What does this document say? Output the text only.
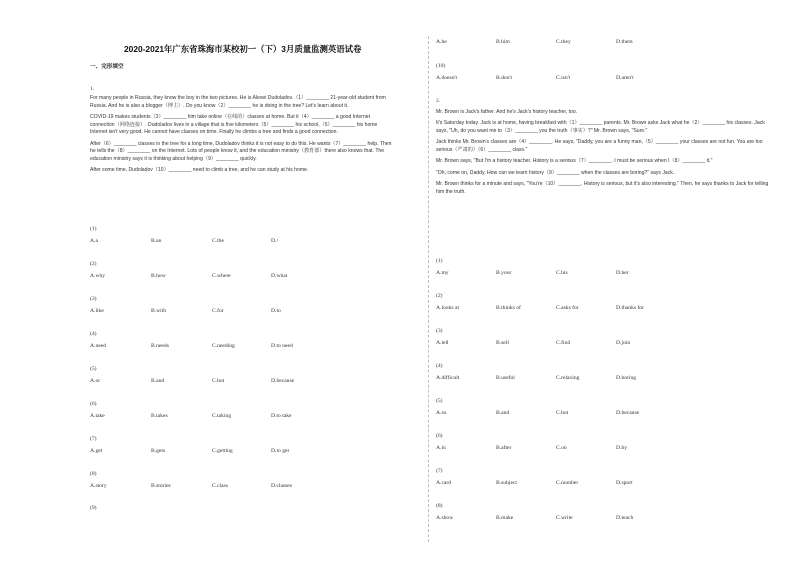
2020-2021年广东省珠海市某校初一（下）3月质量监测英语试卷
一、完形填空
1.

For many people in Russia, they know the boy in the two pictures. He is Alexei Dudoladov.（1）________ 21-year-old student from Russia. And he is also a blogger（博主）. Do you know（2）________ he is doing in the tree? Let's learn about it.

COVID-19 makes students（3）________ him take online（在线的）classes at home. But it（4）________ a good Internet connection（网络连接）. Dudoladov lives in a village that is five kilometers（5）________ his school,（5）________ his home Internet isn't very good. He cannot have classes on time. Finally he climbs a tree and finds a good connection.

After（6）________ classes in the tree for a long time, Dudoladov thinks it is not easy to do this. He wants（7）________ help. Then he tells the（8）________ on the Internet. Lots of people know it, and the education ministry（教育部）there also knows that. The education ministry says it is thinking about helping（9）________ quickly.

After some time, Dudoladov（10）________ need to climb a tree, and he can study at his home.

(1)
A.a	B.an	C.the	D./
(2)
A.why	B.how	C.where	D.what
(3)
A.like	B.with	C.for	D.to
(4)
A.need	B.needs	C.needing	D.to need
(5)
A.or	B.and	C.but	D.because
(6)
A.take	B.takes	C.taking	D.to take
(7)
A.get	B.gets	C.getting	D.to get
(8)
A.story	B.stories	C.class	D.classes
(9)
A.he	B.him	C.they	D.them
(10)
A.doesn't	B.don't	C.isn't	D.aren't
2.

Mr. Brown is Jack's father. And he's Jack's history teacher, too.

It's Saturday today. Jack is at home, having breakfast with（1）________ parents. Mr. Brown asks Jack what he（2）________ his classes. Jack says, "Uh, do you want me to（3）________ you the truth（事实）?" Mr. Brown says, "Sure."

Jack thinks Mr. Brown's classes are（4）________. He says, "Daddy, you are a funny man,（5）________ your classes are not fun. You are too serious（严肃的）（6）________ class."

Mr. Brown says, "But I'm a history teacher. History is a serious（7）________. I must be serious when I（8）________ it."

"Oh, come on, Daddy. How can we learn history（9）________ when the classes are boring?" says Jack.

Mr. Brown thinks for a minute and says, "You're（10）________. History is serious, but it's also interesting." Then, he says thanks to Jack for telling him the truth.

(1)
A.my	B.your	C.his	D.her
(2)
A.looks at	B.thinks of	C.asks for	D.thanks for
(3)
A.tell	B.sell	C.find	D.join
(4)
A.difficult	B.useful	C.relaxing	D.boring
(5)
A.so	B.and	C.but	D.because
(6)
A.in	B.after	C.on	D.by
(7)
A.card	B.subject	C.number	D.sport
(8)
A.show	B.make	C.write	D.teach
